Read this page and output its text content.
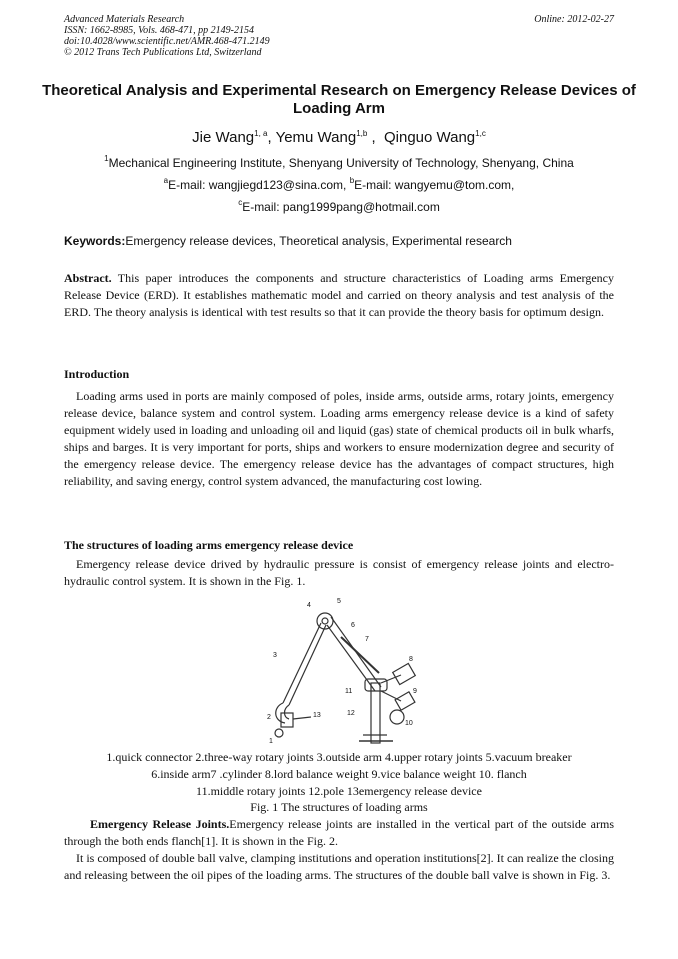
Advanced Materials Research
ISSN: 1662-8985, Vols. 468-471, pp 2149-2154
doi:10.4028/www.scientific.net/AMR.468-471.2149
© 2012 Trans Tech Publications Ltd, Switzerland
Online: 2012-02-27
Theoretical Analysis and Experimental Research on Emergency Release Devices of Loading Arm
Jie Wang$^{1, a}$, Yemu Wang$^{1,b}$ ,  Qinguo Wang$^{1,c}$
$^1$Mechanical Engineering Institute, Shenyang University of Technology, Shenyang, China
$^a$E-mail: wangjiegd123@sina.com, $^b$E-mail: wangyemu@tom.com,
$^c$E-mail: pang1999pang@hotmail.com
Keywords:Emergency release devices, Theoretical analysis, Experimental research
Abstract. This paper introduces the components and structure characteristics of Loading arms Emergency Release Device (ERD). It establishes mathematic model and carried on theory analysis and test analysis of the ERD. The theory analysis is identical with test results so that it can provide the theory basis for optimum design.
Introduction
Loading arms used in ports are mainly composed of poles, inside arms, outside arms, rotary joints, emergency release device, balance system and control system. Loading arms emergency release device is a kind of safety equipment widely used in loading and unloading oil and liquid (gas) state of chemical products oil in bulk wharfs, ships and barges. It is very important for ports, ships and workers to ensure modernization degree and security of the emergency release device. The emergency release device has the advantages of compact structures, high reliability, and saving energy, control system advanced, the manufacturing cost lowing.
The structures of loading arms emergency release device
Emergency release device drived by hydraulic pressure is consist of emergency release joints and electro-hydraulic control system. It is shown in the Fig. 1.
1
2
3
4
5
6
7
8
9
10
11
12
13
1.quick connector 2.three-way rotary joints 3.outside arm 4.upper rotary joints 5.vacuum breaker
6.inside arm7 .cylinder 8.lord balance weight 9.vice balance weight 10. flanch
11.middle rotary joints 12.pole 13emergency release device
Fig. 1 The structures of loading arms
Emergency Release Joints.Emergency release joints are installed in the vertical part of the outside arms through the both ends flanch[1]. It is shown in the Fig. 2.
It is composed of double ball valve, clamping institutions and operation institutions[2]. It can realize the closing and releasing between the oil pipes of the loading arms. The structures of the double ball valve is shown in Fig. 3.
